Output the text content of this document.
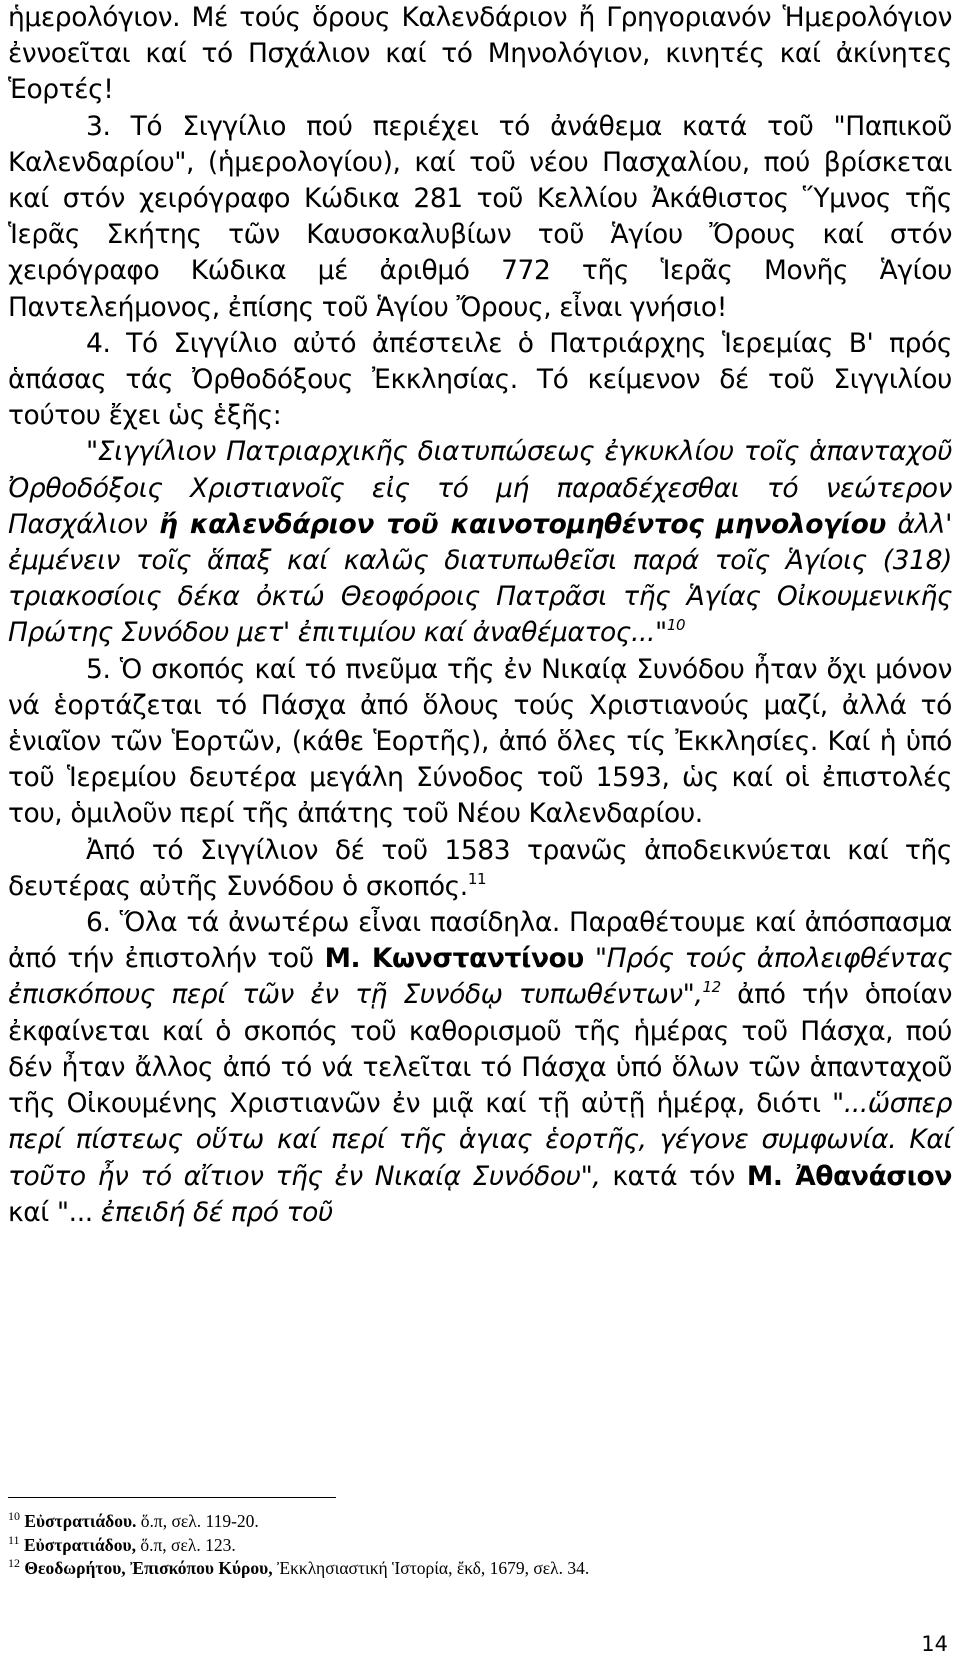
ἡμερολόγιον. Μέ τούς ὅρους Καλενδάριον ἤ Γρηγοριανόν Ἡμερολόγιον ἐννοεῖται καί τό Πσχάλιον καί τό Μηνολόγιον, κινητές καί ἀκίνητες Ἑορτές!

3. Τό Σιγγίλιο πού περιέχει τό ἀνάθεμα κατά τοῦ "Παπικοῦ Καλενδαρίου", (ἡμερολογίου), καί τοῦ νέου Πασχαλίου, πού βρίσκεται καί στόν χειρόγραφο Κώδικα 281 τοῦ Κελλίου Ἀκάθιστος Ὕμνος τῆς Ἱερᾶς Σκήτης τῶν Καυσοκαλυβίων τοῦ Ἁγίου Ὄρους καί στόν χειρόγραφο Κώδικα μέ ἀριθμό 772 τῆς Ἱερᾶς Μονῆς Ἁγίου Παντελεήμονος, ἐπίσης τοῦ Ἁγίου Ὄρους, εἶναι γνήσιο!

4. Τό Σιγγίλιο αὐτό ἀπέστειλε ὁ Πατριάρχης Ἱερεμίας Β' πρός ἁπάσας τάς Ὀρθοδόξους Ἐκκλησίας. Τό κείμενον δέ τοῦ Σιγγιλίου τούτου ἔχει ὡς ἑξῆς:

"Σιγγίλιον Πατριαρχικῆς διατυπώσεως ἐγκυκλίου τοῖς ἁπανταχοῦ Ὀρθοδόξοις Χριστιανοῖς εἰς τό μή παραδέχεσθαι τό νεώτερον Πασχάλιον ἤ καλενδάριον τοῦ καινοτομηθέντος μηνολογίου ἀλλ' ἐμμένειν τοῖς ἅπαξ καί καλῶς διατυπωθεῖσι παρά τοῖς Ἁγίοις (318) τριακοσίοις δέκα ὀκτώ Θεοφόροις Πατρᾶσι τῆς Ἁγίας Οἰκουμενικῆς Πρώτης Συνόδου μετ' ἐπιτιμίου καί ἀναθέματος..."$^{10}$

5. Ὁ σκοπός καί τό πνεῦμα τῆς ἐν Νικαίᾳ Συνόδου ἦταν ὄχι μόνον νά ἑορτάζεται τό Πάσχα ἀπό ὅλους τούς Χριστιανούς μαζί, ἀλλά τό ἑνιαῖον τῶν Ἑορτῶν, (κάθε Ἑορτῆς), ἀπό ὅλες τίς Ἐκκλησίες. Καί ἡ ὑπό τοῦ Ἱερεμίου δευτέρα μεγάλη Σύνοδος τοῦ 1593, ὡς καί οἱ ἐπιστολές του, ὁμιλοῦν περί τῆς ἀπάτης τοῦ Νέου Καλενδαρίου.

Ἀπό τό Σιγγίλιον δέ τοῦ 1583 τρανῶς ἀποδεικνύεται καί τῆς δευτέρας αὐτῆς Συνόδου ὁ σκοπός.$^{11}$

6. Ὅλα τά ἀνωτέρω εἶναι πασίδηλα. Παραθέτουμε καί ἀπόσπασμα ἀπό τήν ἐπιστολήν τοῦ Μ. Κωνσταντίνου "Πρός τούς ἀπολειφθέντας ἐπισκόπους περί τῶν ἐν τῇ Συνόδῳ τυπωθέντων",$^{12}$ ἀπό τήν ὁποίαν ἐκφαίνεται καί ὁ σκοπός τοῦ καθορισμοῦ τῆς ἡμέρας τοῦ Πάσχα, πού δέν ἦταν ἄλλος ἀπό τό νά τελεῖται τό Πάσχα ὑπό ὅλων τῶν ἁπανταχοῦ τῆς Οἰκουμένης Χριστιανῶν ἐν μιᾷ καί τῇ αὐτῇ ἡμέρᾳ, διότι "...ὥσπερ περί πίστεως οὕτω καί περί τῆς ἁγιας ἑορτῆς, γέγονε συμφωνία. Καί τοῦτο ἦν τό αἴτιον τῆς ἐν Νικαίᾳ Συνόδου", κατά τόν Μ. Ἀθανάσιον καί "... ἐπειδή δέ πρό τοῦ

$^{10}$ Εὐστρατιάδου. ὅ.π, σελ. 119-20.

$^{11}$ Εὐστρατιάδου, ὅ.π, σελ. 123.

$^{12}$ Θεοδωρήτου, Ἐπισκόπου Κύρου, Ἐκκλησιαστική Ἱστορία, ἔκδ, 1679, σελ. 34.

14
